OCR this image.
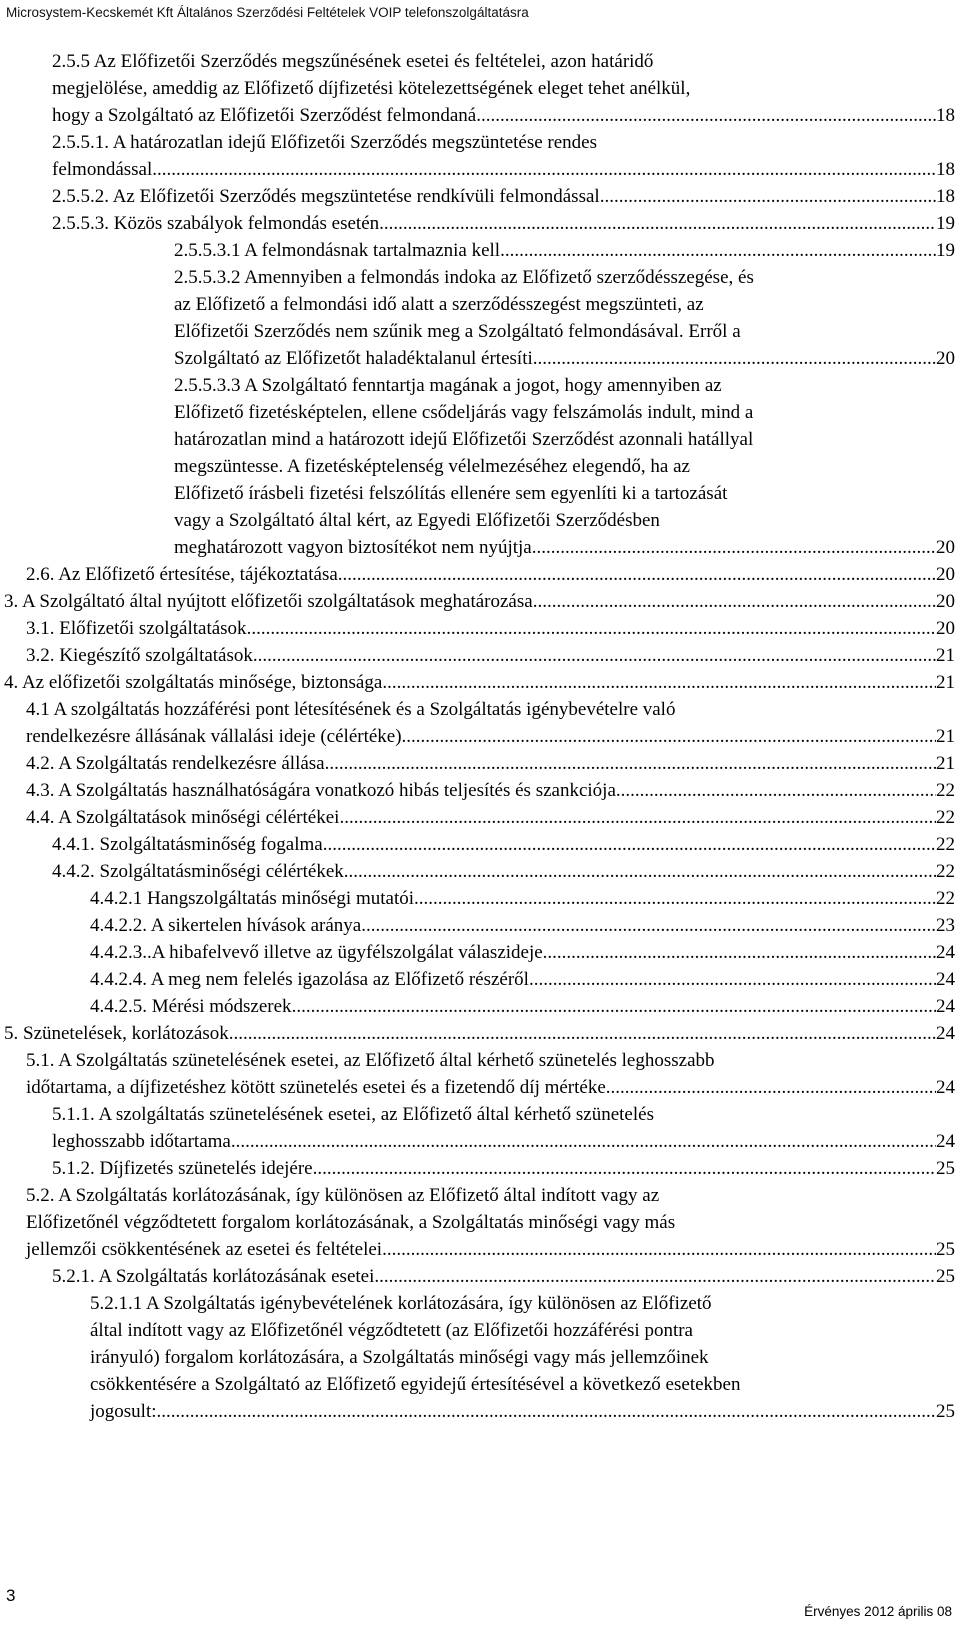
Microsystem-Kecskemét Kft Általános Szerződési Feltételek VOIP telefonszolgáltatásra
2.5.5 Az Előfizetői Szerződés megszűnésének esetei és feltételei, azon határidő
megjelölése, ameddig az Előfizető díjfizetési kötelezettségének eleget tehet anélkül,
hogy a Szolgáltató az Előfizetői Szerződést felmondaná .....	18
2.5.5.1. A határozatlan idejű Előfizetői Szerződés megszüntetése rendes
felmondással .....	18
2.5.5.2. Az Előfizetői Szerződés megszüntetése rendkívüli felmondással .....	18
2.5.5.3. Közös szabályok felmondás esetén .....	19
2.5.5.3.1 A felmondásnak tartalmaznia kell .....	19
2.5.5.3.2 Amennyiben a felmondás indoka az Előfizető szerződésszegése, és
az Előfizető a felmondási idő alatt a szerződésszegést megszünteti, az
Előfizetői Szerződés nem szűnik meg a Szolgáltató felmondásával. Erről a
Szolgáltató az Előfizetőt haladéktalanul értesíti .....	20
2.5.5.3.3 A Szolgáltató fenntartja magának a jogot, hogy amennyiben az
Előfizető fizetésképtelen, ellene csődeljárás vagy felszámolás indult, mind a
határozatlan mind a határozott idejű Előfizetői Szerződést azonnali hatállyal
megszüntesse. A fizetésképtelenség vélelmezéséhez elegendő, ha az
Előfizető írásbeli fizetési felszólítás ellenére sem egyenlíti ki a tartozását
vagy a Szolgáltató által kért, az Egyedi Előfizetői Szerződésben
meghatározott vagyon biztosítékot nem nyújtja .....	20
2.6. Az Előfizető értesítése, tájékoztatása .....	20
3. A Szolgáltató által nyújtott előfizetői szolgáltatások meghatározása .....	20
3.1. Előfizetői szolgáltatások .....	20
3.2. Kiegészítő szolgáltatások .....	21
4. Az előfizetői szolgáltatás minősége, biztonsága .....	21
4.1 A szolgáltatás hozzáférési pont létesítésének és a Szolgáltatás igénybevételre való
rendelkezésre állásának vállalási ideje (célértéke) .....	21
4.2. A Szolgáltatás rendelkezésre állása .....	21
4.3. A Szolgáltatás használhatóságára vonatkozó hibás teljesítés és szankciója .....	22
4.4. A Szolgáltatások minőségi célértékei .....	22
4.4.1. Szolgáltatásminőség fogalma .....	22
4.4.2. Szolgáltatásminőségi célértékek .....	22
4.4.2.1 Hangszolgáltatás minőségi mutatói .....	22
4.4.2.2. A sikertelen hívások aránya .....	23
4.4.2.3..A hibafelvevő illetve az ügyfélszolgálat válaszideje .....	24
4.4.2.4. A meg nem felelés igazolása az Előfizető részéről .....	24
4.4.2.5. Mérési módszerek .....	24
5. Szünetelések, korlátozások .....	24
5.1. A Szolgáltatás szünetelésének esetei, az Előfizető által kérhető szünetelés leghosszabb
időtartama, a díjfizetéshez kötött szünetelés esetei és a fizetendő díj mértéke .....	24
5.1.1. A szolgáltatás szünetelésének esetei, az Előfizető által kérhető szünetelés
leghosszabb időtartama .....	24
5.1.2. Díjfizetés szünetelés idejére .....	25
5.2. A Szolgáltatás korlátozásának, így különösen az Előfizető által indított vagy az
Előfizetőnél végződtetett forgalom korlátozásának, a Szolgáltatás minőségi vagy más
jellemzői csökkentésének az esetei és feltételei .....	25
5.2.1. A Szolgáltatás korlátozásának esetei .....	25
5.2.1.1 A Szolgáltatás igénybevételének korlátozására, így különösen az Előfizető
által indított vagy az Előfizetőnél végződtetett (az Előfizetői hozzáférési pontra
irányuló) forgalom korlátozására, a Szolgáltatás minőségi vagy más jellemzőinek
csökkentésére a Szolgáltató az Előfizető egyidejű értesítésével a következő esetekben
jogosult: .....	25
3
Érvényes 2012 április 08
